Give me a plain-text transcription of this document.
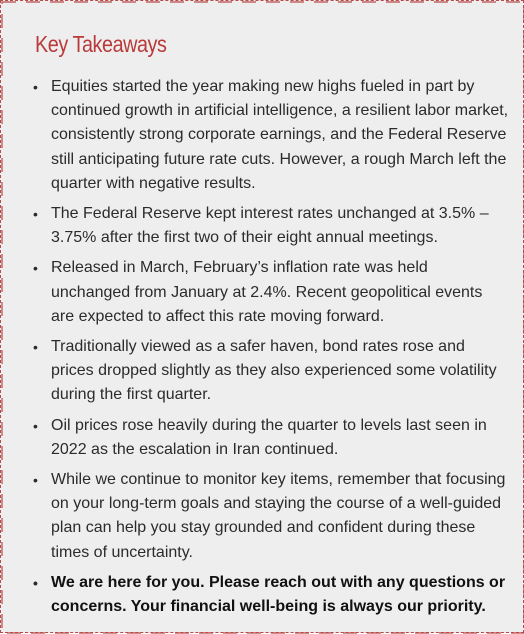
Key Takeaways
• Equities started the year making new highs fueled in part by continued growth in artificial intelligence, a resilient labor market, consistently strong corporate earnings, and the Federal Reserve still anticipating future rate cuts. However, a rough March left the quarter with negative results.
• The Federal Reserve kept interest rates unchanged at 3.5% – 3.75% after the first two of their eight annual meetings.
• Released in March, February’s inflation rate was held unchanged from January at 2.4%. Recent geopolitical events are expected to affect this rate moving forward.
• Traditionally viewed as a safer haven, bond rates rose and prices dropped slightly as they also experienced some volatility during the first quarter.
• Oil prices rose heavily during the quarter to levels last seen in 2022 as the escalation in Iran continued.
• While we continue to monitor key items, remember that focusing on your long-term goals and staying the course of a well-guided plan can help you stay grounded and confident during these times of uncertainty.
• We are here for you. Please reach out with any questions or concerns. Your financial well-being is always our priority.
